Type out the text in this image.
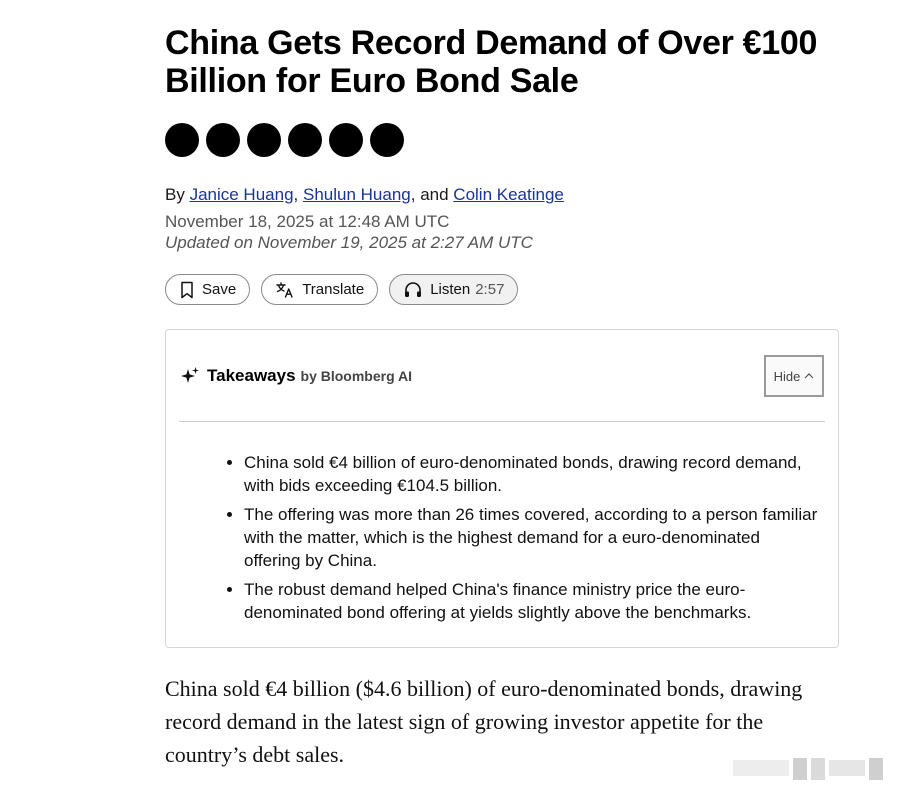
China Gets Record Demand of Over €100 Billion for Euro Bond Sale
By Janice Huang, Shulun Huang, and Colin Keatinge
November 18, 2025 at 12:48 AM UTC
Updated on November 19, 2025 at 2:27 AM UTC
Save	Translate	Listen 2:57
Takeaways by Bloomberg AI	Hide
• China sold €4 billion of euro-denominated bonds, drawing record demand, with bids exceeding €104.5 billion.
• The offering was more than 26 times covered, according to a person familiar with the matter, which is the highest demand for a euro-denominated offering by China.
• The robust demand helped China's finance ministry price the euro-denominated bond offering at yields slightly above the benchmarks.

China sold €4 billion ($4.6 billion) of euro-denominated bonds, drawing record demand in the latest sign of growing investor appetite for the country’s debt sales.
